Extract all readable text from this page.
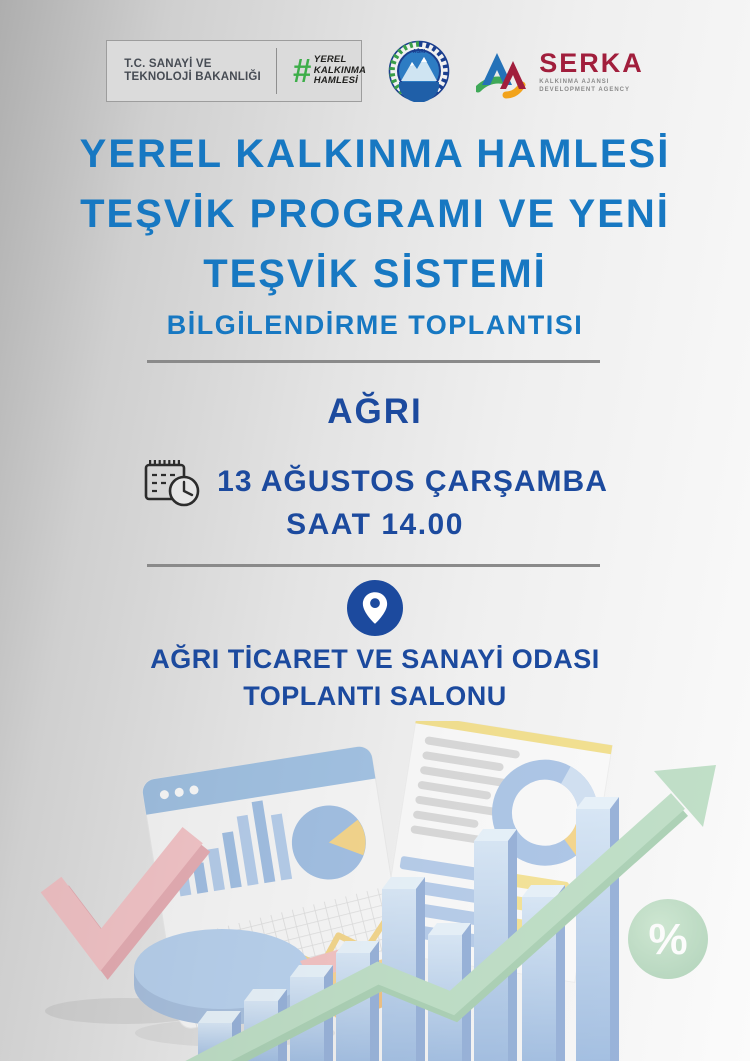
T.C. SANAYİ VE
TEKNOLOJİ BAKANLIĞI # YEREL
KALKINMA
HAMLESİ
AĞRI	SERKA
KALKINMA AJANSI
DEVELOPMENT AGENCY
YEREL KALKINMA HAMLESİ
TEŞVİK PROGRAMI VE YENİ
TEŞVİK SİSTEMİ
BİLGİLENDİRME TOPLANTISI
AĞRI
13 AĞUSTOS ÇARŞAMBA
SAAT 14.00
AĞRI TİCARET VE SANAYİ ODASI
TOPLANTI SALONU
%
